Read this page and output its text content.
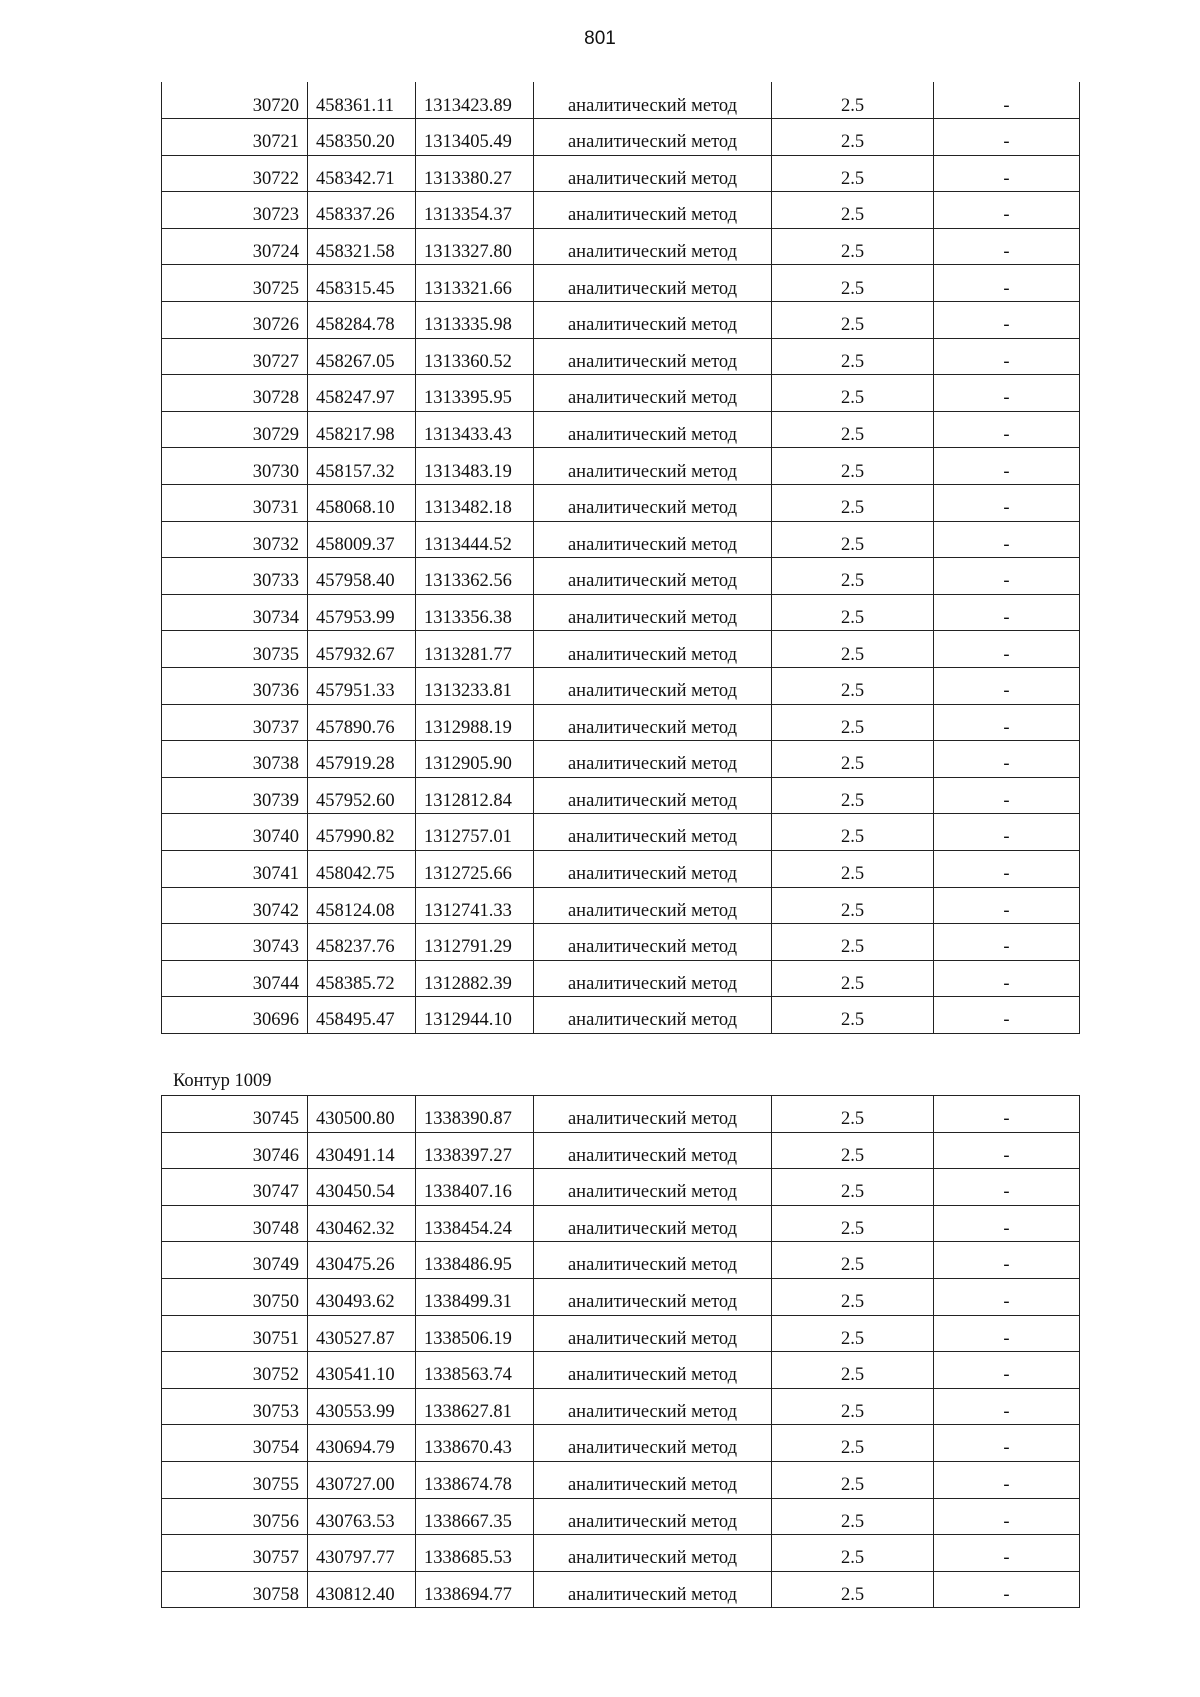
801
30720	458361.11	1313423.89	аналитический метод	2.5	-
30721	458350.20	1313405.49	аналитический метод	2.5	-
30722	458342.71	1313380.27	аналитический метод	2.5	-
30723	458337.26	1313354.37	аналитический метод	2.5	-
30724	458321.58	1313327.80	аналитический метод	2.5	-
30725	458315.45	1313321.66	аналитический метод	2.5	-
30726	458284.78	1313335.98	аналитический метод	2.5	-
30727	458267.05	1313360.52	аналитический метод	2.5	-
30728	458247.97	1313395.95	аналитический метод	2.5	-
30729	458217.98	1313433.43	аналитический метод	2.5	-
30730	458157.32	1313483.19	аналитический метод	2.5	-
30731	458068.10	1313482.18	аналитический метод	2.5	-
30732	458009.37	1313444.52	аналитический метод	2.5	-
30733	457958.40	1313362.56	аналитический метод	2.5	-
30734	457953.99	1313356.38	аналитический метод	2.5	-
30735	457932.67	1313281.77	аналитический метод	2.5	-
30736	457951.33	1313233.81	аналитический метод	2.5	-
30737	457890.76	1312988.19	аналитический метод	2.5	-
30738	457919.28	1312905.90	аналитический метод	2.5	-
30739	457952.60	1312812.84	аналитический метод	2.5	-
30740	457990.82	1312757.01	аналитический метод	2.5	-
30741	458042.75	1312725.66	аналитический метод	2.5	-
30742	458124.08	1312741.33	аналитический метод	2.5	-
30743	458237.76	1312791.29	аналитический метод	2.5	-
30744	458385.72	1312882.39	аналитический метод	2.5	-
30696	458495.47	1312944.10	аналитический метод	2.5	-
Контур 1009
30745	430500.80	1338390.87	аналитический метод	2.5	-
30746	430491.14	1338397.27	аналитический метод	2.5	-
30747	430450.54	1338407.16	аналитический метод	2.5	-
30748	430462.32	1338454.24	аналитический метод	2.5	-
30749	430475.26	1338486.95	аналитический метод	2.5	-
30750	430493.62	1338499.31	аналитический метод	2.5	-
30751	430527.87	1338506.19	аналитический метод	2.5	-
30752	430541.10	1338563.74	аналитический метод	2.5	-
30753	430553.99	1338627.81	аналитический метод	2.5	-
30754	430694.79	1338670.43	аналитический метод	2.5	-
30755	430727.00	1338674.78	аналитический метод	2.5	-
30756	430763.53	1338667.35	аналитический метод	2.5	-
30757	430797.77	1338685.53	аналитический метод	2.5	-
30758	430812.40	1338694.77	аналитический метод	2.5	-
